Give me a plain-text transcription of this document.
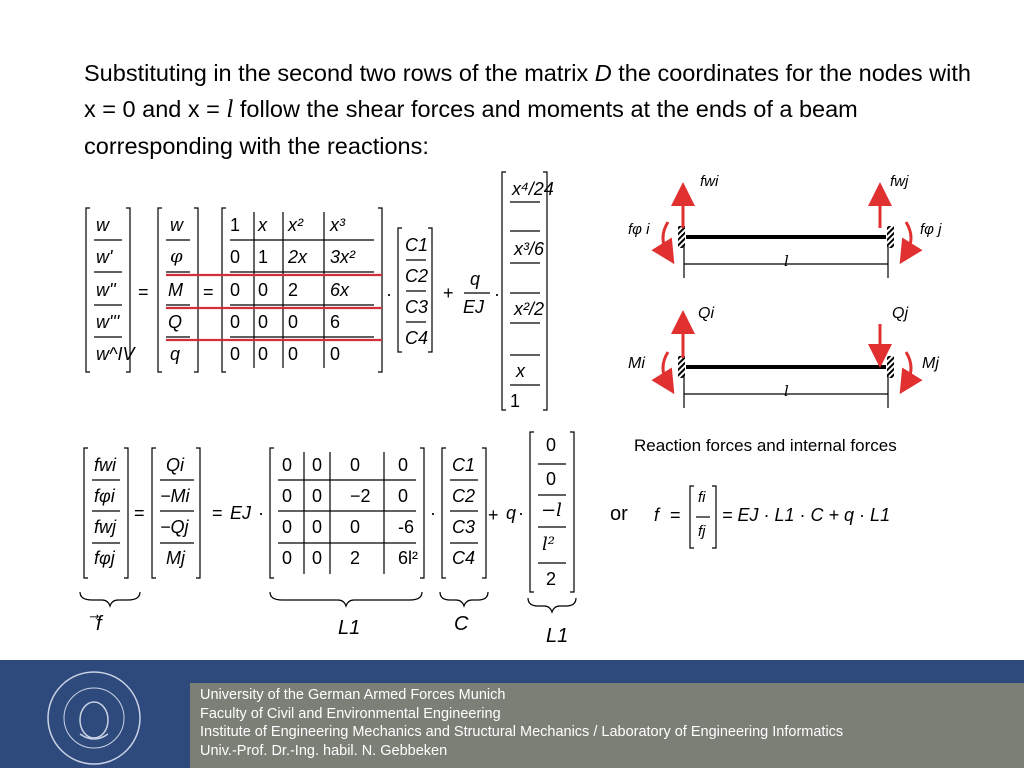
Substituting in the second two rows of the matrix D the coordinates for the nodes with x = 0 and x = l follow the shear forces and moments at the ends of a beam corresponding with the reactions:
w
w'
w''
w'''
w^IV
=
w
φ
M
Q
q
=
1 x x² x³
0 1 2x 3x²
0 0 2 6x
0 0 0 6
0 0 0 0
·
C1
C2
C3
C4
+
q
EJ
·
x⁴/24
x³/6
x²/2
x
1
fwi
fφi
fwj
fφj
=
Qi
−Mi
−Qj
Mj
= EJ ·
0 0 0 0
0 0 −2 0
0 0 0 -6
0 0 2 6l²
·
C1
C2
C3
C4
+ q ·
0
0
−l
l²
2
f	L1	C
L1
or f =
fi
fj
= EJ · L1 · C + q · L1
fwi	fwj
fφ i	fφ j
l
Qi	Qj
Mi	Mj
l
Reaction forces and internal forces
University of the German Armed Forces Munich
Faculty of Civil and Environmental Engineering
Institute of Engineering Mechanics and Structural Mechanics / Laboratory of Engineering Informatics
Univ.-Prof. Dr.-Ing. habil. N. Gebbeken
